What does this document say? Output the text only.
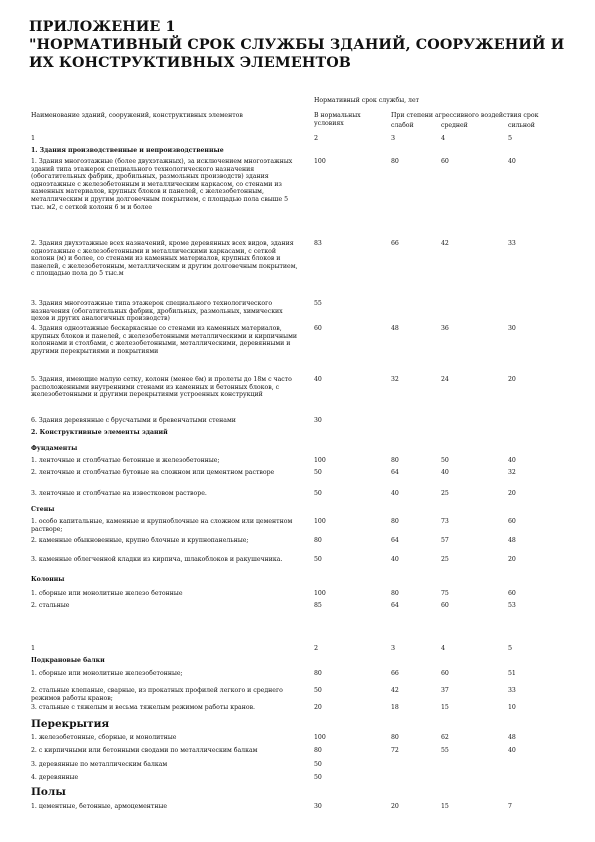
ПРИЛОЖЕНИЕ 1
"НОРМАТИВНЫЙ СРОК СЛУЖБЫ ЗДАНИЙ, СООРУЖЕНИЙ И
ИХ КОНСТРУКТИВНЫХ ЭЛЕМЕНТОВ
Нормативный срок службы, лет
Наименование зданий, сооружений, конструктивных элементов	В нормальных
условиях
При степени агрессивного воздействия срок
слабой	средней	сильной
1	2	3	4	5
1. Здания производственные и непроизводственные
1. Здания многоэтажные (более двухэтажных), за исключением многоэтажных зданий типа этажерок специального технологического назначения (обогатительных фабрик, дробильных, размольных производств) здания одноэтажные с железобетонным и металлическим каркасом, со стенами из каменных материалов, крупных блоков и панелей, с железобетонным, металлическим и другим долговечным покрытием, с площадью пола свыше 5 тыс. м2, с сеткой колонн 6 м и более
100	80	60	40
2. Здания двухэтажные всех назначений, кроме деревянных всех видов, здания одноэтажные с железобетонными и металлическими каркасами, с сеткой колонн (м) и более, со стенами из каменных материалов, крупных блоков и панелей, с железобетонным, металлическим и другим долговечным покрытием, с площадью пола до 5 тыс.м
83	66	42	33
3. Здания многоэтажные типа этажерок специального технологического назначения (обогатительных фабрик, дробильных, размольных, химических цехов и других аналогичных производств)
55
4. Здания одноэтажные бескаркасные со стенами из каменных материалов, крупных блоков и панелей, с железобетонными металлическими и кирпичными колоннами и столбами, с железобетонными, металлическими, деревянными и другими перекрытиями и покрытиями
60	48	36	30
5. Здания, имеющие малую сетку, колонн (менее 6м) и пролеты до 18м с часто расположенными внутренними стенами из каменных и бетонных блоков, с железобетонными и другими перекрытиями устроенных конструкций
40	32	24	20
6. Здания деревянные с брусчатыми и бревенчатыми стенами	30
2. Конструктивные элементы зданий
Фундаменты
1. ленточные и столбчатые бетонные и железобетонные;	100	80	50	40
2. ленточные и столбчатые бутовые на сложном или цементном растворе	50	64	40	32
3. ленточные и столбчатые на известковом растворе.	50	40	25	20
Стены
1. особо капитальные, каменные и крупноблочные на сложном или цементном растворе;
100	80	73	60
2. каменные обыкновенные, крупно блочные и крупнопанельные;	80	64	57	48
3. каменные облегченной кладки из кирпича, шлакоблоков и ракушечника.	50	40	25	20
Колонны
1. сборные или монолитные железо бетонные	100	80	75	60
2. стальные	85	64	60	53
1	2	3	4	5
Подкрановые балки
1. сборные или монолитные железобетонные;	80	66	60	51
2. стальные клепаные, сварные, из прокатных профилей легкого и среднего режимов работы кранов;
50	42	37	33
3. стальные с тяжелым и весьма тяжелым режимом работы кранов.	20	18	15	10
Перекрытия
1. железобетонные, сборные, и монолитные	100	80	62	48
2. с кирпичными или бетонными сводами по металлическим балкам	80	72	55	40
3. деревянные по металлическим балкам	50
4. деревянные	50
Полы
1. цементные, бетонные, армоцементные	30	20	15	7
